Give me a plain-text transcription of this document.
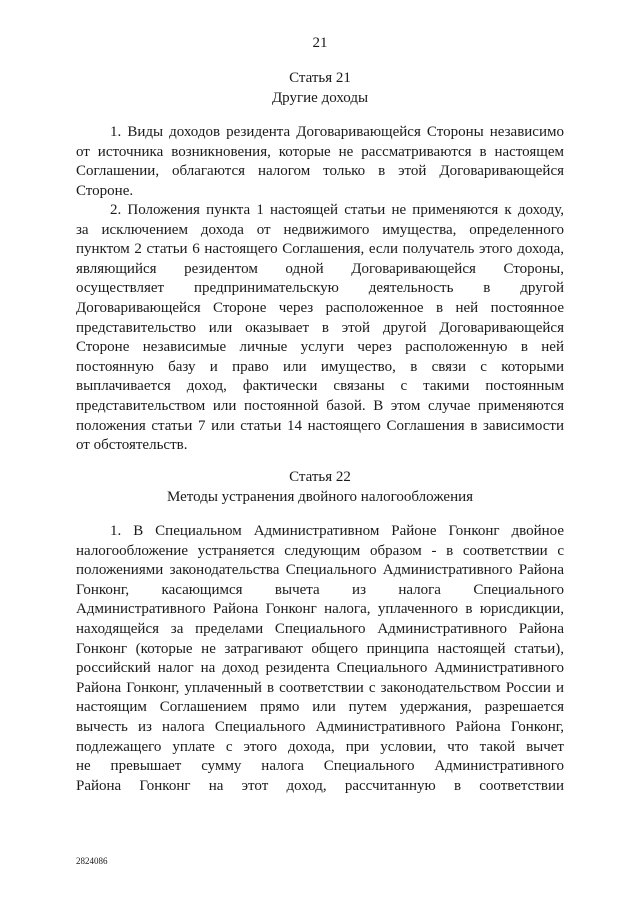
21
Статья 21
Другие доходы
1. Виды доходов резидента Договаривающейся Стороны независимо
от источника возникновения, которые не рассматриваются в настоящем
Соглашении, облагаются налогом только в этой Договаривающейся
Стороне.
2. Положения пункта 1 настоящей статьи не применяются к доходу,
за исключением дохода от недвижимого имущества, определенного
пунктом 2 статьи 6 настоящего Соглашения, если получатель этого дохода,
являющийся резидентом одной Договаривающейся Стороны,
осуществляет предпринимательскую деятельность в другой
Договаривающейся Стороне через расположенное в ней постоянное
представительство или оказывает в этой другой Договаривающейся
Стороне независимые личные услуги через расположенную в ней
постоянную базу и право или имущество, в связи с которыми
выплачивается доход, фактически связаны с такими постоянным
представительством или постоянной базой. В этом случае применяются
положения статьи 7 или статьи 14 настоящего Соглашения в зависимости
от обстоятельств.
Статья 22
Методы устранения двойного налогообложения
1. В Специальном Административном Районе Гонконг двойное
налогообложение устраняется следующим образом - в соответствии с
положениями законодательства Специального Административного Района
Гонконг, касающимся вычета из налога Специального
Административного Района Гонконг налога, уплаченного в юрисдикции,
находящейся за пределами Специального Административного Района
Гонконг (которые не затрагивают общего принципа настоящей статьи),
российский налог на доход резидента Специального Административного
Района Гонконг, уплаченный в соответствии с законодательством России и
настоящим Соглашением прямо или путем удержания, разрешается
вычесть из налога Специального Административного Района Гонконг,
подлежащего уплате с этого дохода, при условии, что такой вычет
не превышает сумму налога Специального Административного
Района Гонконг на этот доход, рассчитанную в соответствии
2824086
